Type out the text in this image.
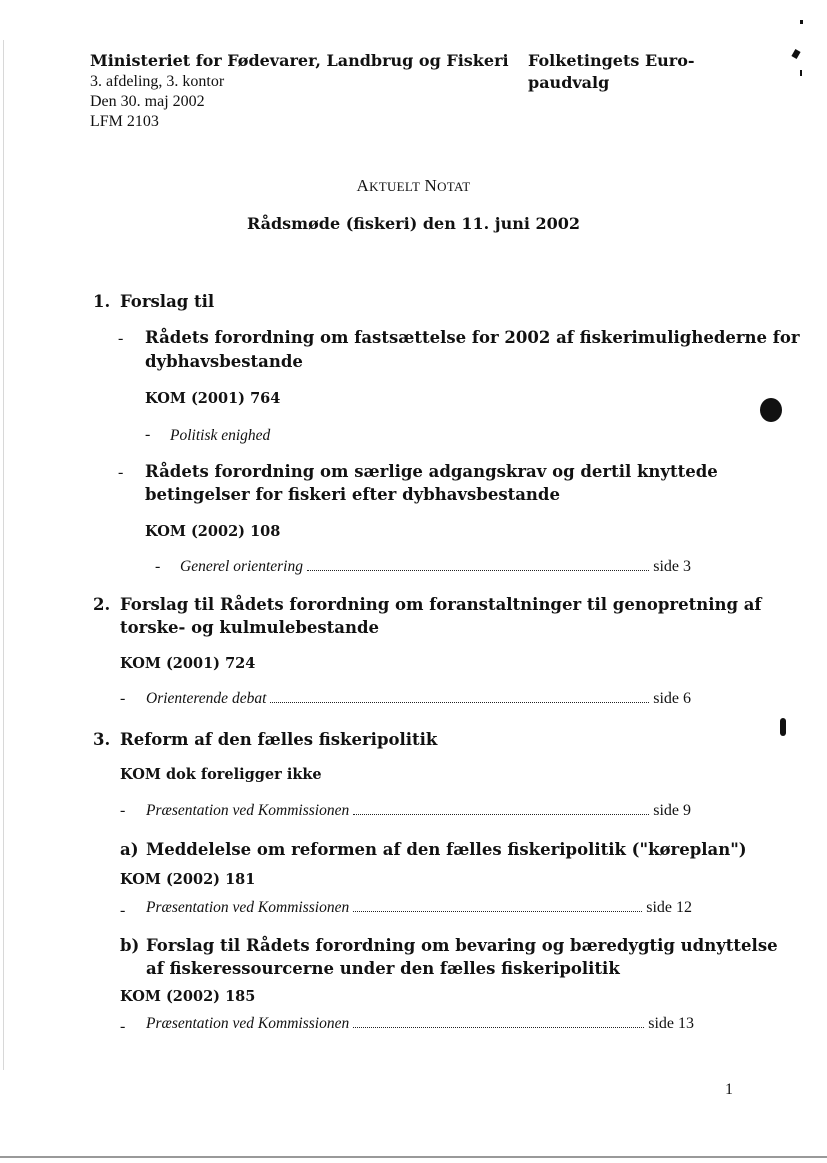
Ministeriet for Fødevarer, Landbrug og Fiskeri
3. afdeling, 3. kontor
Den 30. maj 2002
LFM 2103
Folketingets Euro-
paudvalg
AKTUELT NOTAT
Rådsmøde (fiskeri) den 11. juni 2002
1. Forslag til
- Rådets forordning om fastsættelse for 2002 af fiskerimulighederne for
dybhavsbestande
KOM (2001) 764
- Politisk enighed
- Rådets forordning om særlige adgangskrav og dertil knyttede
betingelser for fiskeri efter dybhavsbestande
KOM (2002) 108
- Generel orientering	side 3
2. Forslag til Rådets forordning om foranstaltninger til genopretning af
torske- og kulmulebestande
KOM (2001) 724
- Orienterende debat	side 6
3. Reform af den fælles fiskeripolitik
KOM dok foreligger ikke
- Præsentation ved Kommissionen	side 9
a) Meddelelse om reformen af den fælles fiskeripolitik ("køreplan")
KOM (2002) 181
- Præsentation ved Kommissionen	side 12
b) Forslag til Rådets forordning om bevaring og bæredygtig udnyttelse
af fiskeressourcerne under den fælles fiskeripolitik
KOM (2002) 185
- Præsentation ved Kommissionen	side 13
1
